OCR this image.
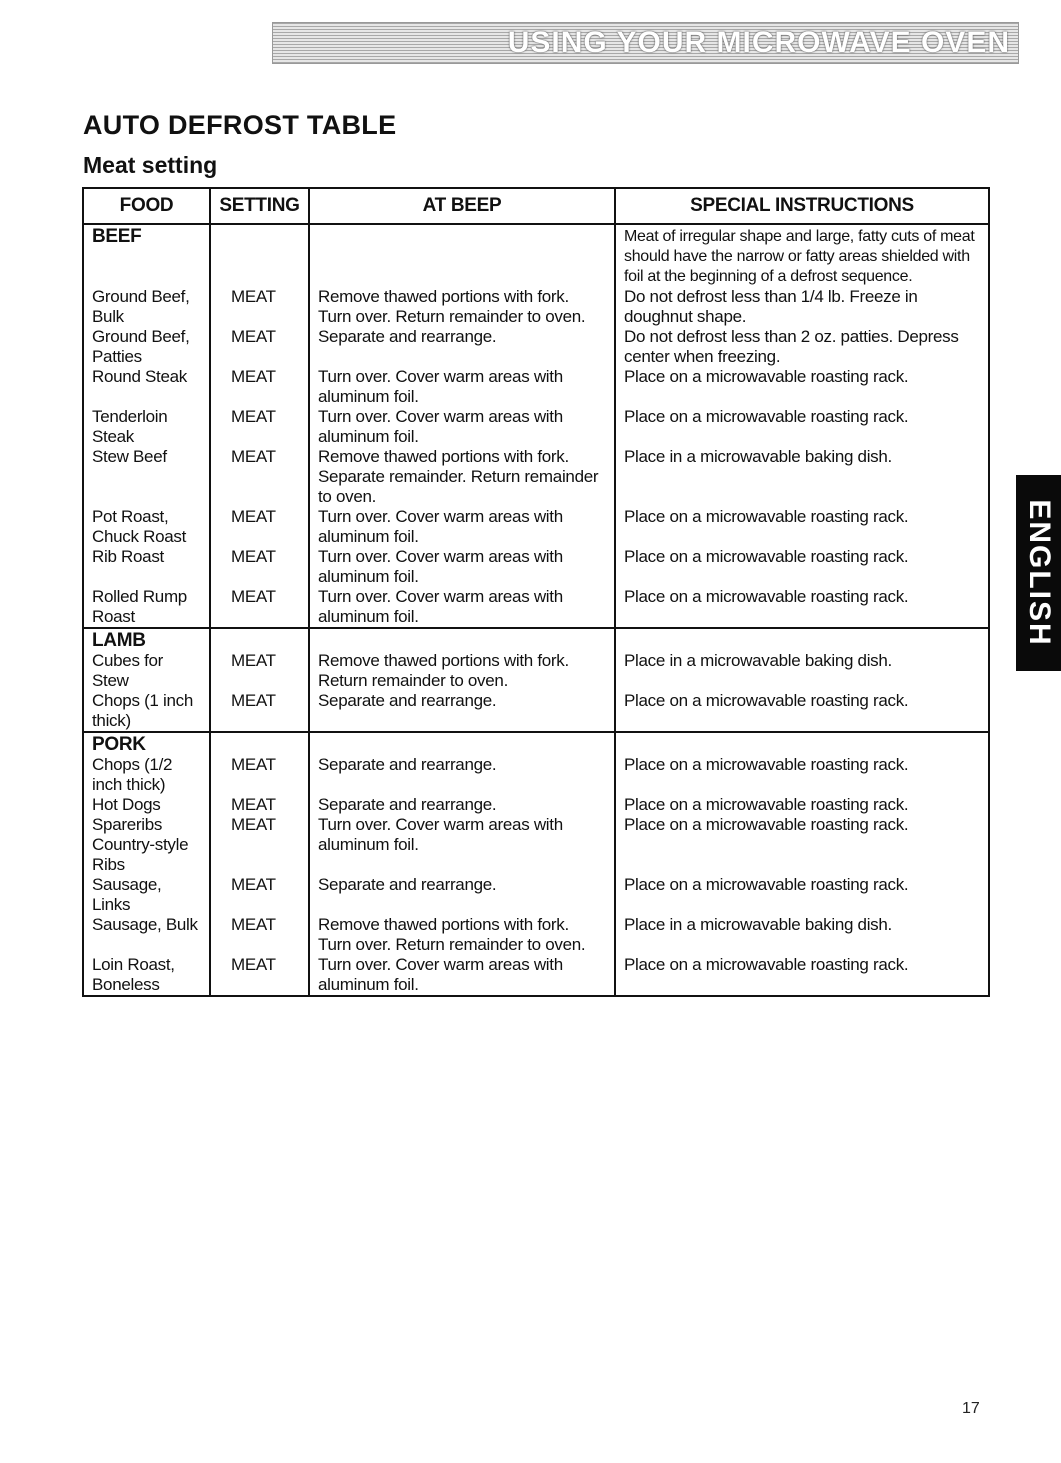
USING YOUR MICROWAVE OVEN
AUTO DEFROST TABLE
Meat setting
ENGLISH
FOOD	SETTING	AT BEEP	SPECIAL INSTRUCTIONS

BEEF			Meat of irregular shape and large, fatty cuts of meat should have the narrow or fatty areas shielded with foil at the beginning of a defrost sequence.
Ground Beef, Bulk	MEAT	Remove thawed portions with fork. Turn over. Return remainder to oven.	Do not defrost less than 1/4 lb. Freeze in doughnut shape.
Ground Beef, Patties	MEAT	Separate and rearrange.	Do not defrost less than 2 oz. patties. Depress center when freezing.
Round Steak	MEAT	Turn over. Cover warm areas with aluminum foil.	Place on a microwavable roasting rack.
Tenderloin Steak	MEAT	Turn over. Cover warm areas with aluminum foil.	Place on a microwavable roasting rack.
Stew Beef	MEAT	Remove thawed portions with fork. Separate remainder. Return remainder to oven.	Place in a microwavable baking dish.
Pot Roast, Chuck Roast	MEAT	Turn over. Cover warm areas with aluminum foil.	Place on a microwavable roasting rack.
Rib Roast	MEAT	Turn over. Cover warm areas with aluminum foil.	Place on a microwavable roasting rack.
Rolled Rump Roast	MEAT	Turn over. Cover warm areas with aluminum foil.	Place on a microwavable roasting rack.

LAMB
Cubes for Stew	MEAT	Remove thawed portions with fork. Return remainder to oven.	Place in a microwavable baking dish.
Chops (1 inch thick)	MEAT	Separate and rearrange.	Place on a microwavable roasting rack.

PORK
Chops (1/2 inch thick)	MEAT	Separate and rearrange.	Place on a microwavable roasting rack.
Hot Dogs	MEAT	Separate and rearrange.	Place on a microwavable roasting rack.
Spareribs Country-style Ribs	MEAT	Turn over. Cover warm areas with aluminum foil.	Place on a microwavable roasting rack.
Sausage, Links	MEAT	Separate and rearrange.	Place on a microwavable roasting rack.
Sausage, Bulk	MEAT	Remove thawed portions with fork. Turn over. Return remainder to oven.	Place in a microwavable baking dish.
Loin Roast, Boneless	MEAT	Turn over. Cover warm areas with aluminum foil.	Place on a microwavable roasting rack.
17
